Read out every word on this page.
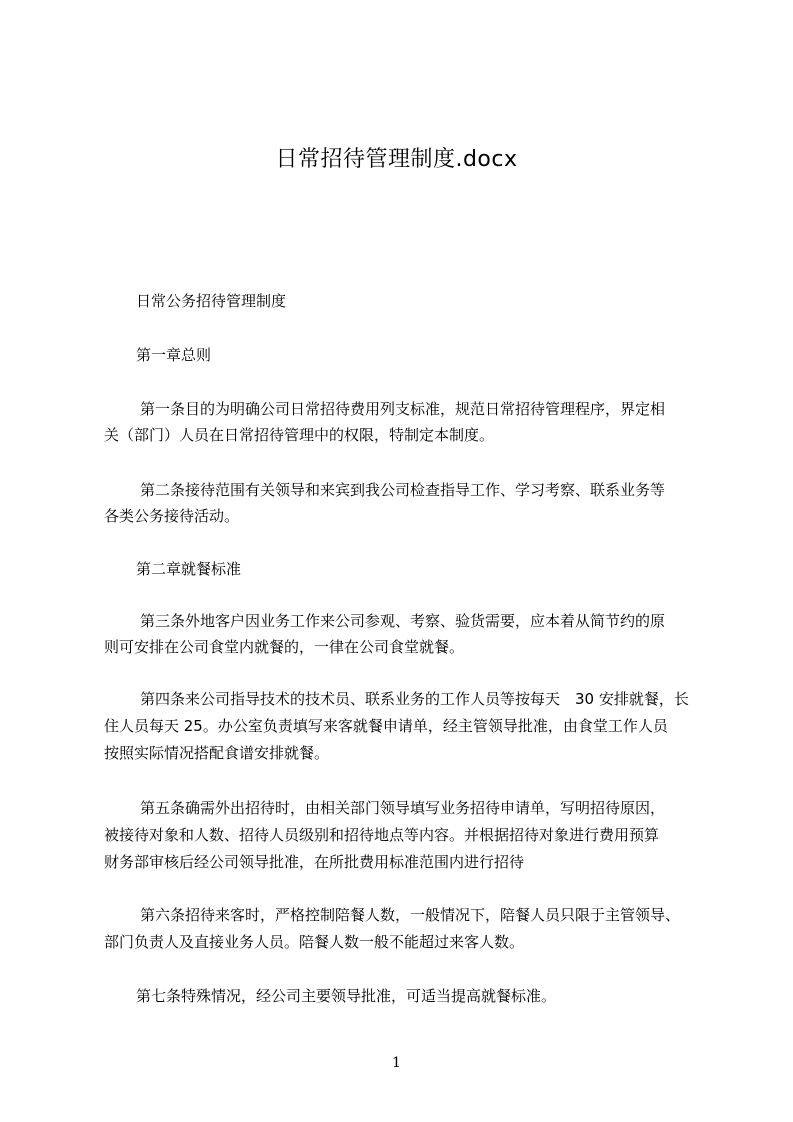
日常招待管理制度.docx
日常公务招待管理制度
第一章总则
第一条目的为明确公司日常招待费用列支标准，规范日常招待管理程序，界定相
关（部门）人员在日常招待管理中的权限，特制定本制度。
第二条接待范围有关领导和来宾到我公司检查指导工作、学习考察、联系业务等
各类公务接待活动。
第二章就餐标准
第三条外地客户因业务工作来公司参观、考察、验货需要，应本着从简节约的原
则可安排在公司食堂内就餐的，一律在公司食堂就餐。
第四条来公司指导技术的技术员、联系业务的工作人员等按每天　30 安排就餐，长
住人员每天 25。办公室负责填写来客就餐申请单，经主管领导批准，由食堂工作人员
按照实际情况搭配食谱安排就餐。
第五条确需外出招待时，由相关部门领导填写业务招待申请单，写明招待原因，
被接待对象和人数、招待人员级别和招待地点等内容。并根据招待对象进行费用预算
财务部审核后经公司领导批准，在所批费用标准范围内进行招待
第六条招待来客时，严格控制陪餐人数，一般情况下，陪餐人员只限于主管领导、
部门负责人及直接业务人员。陪餐人数一般不能超过来客人数。
第七条特殊情况，经公司主要领导批准，可适当提高就餐标准。
1
